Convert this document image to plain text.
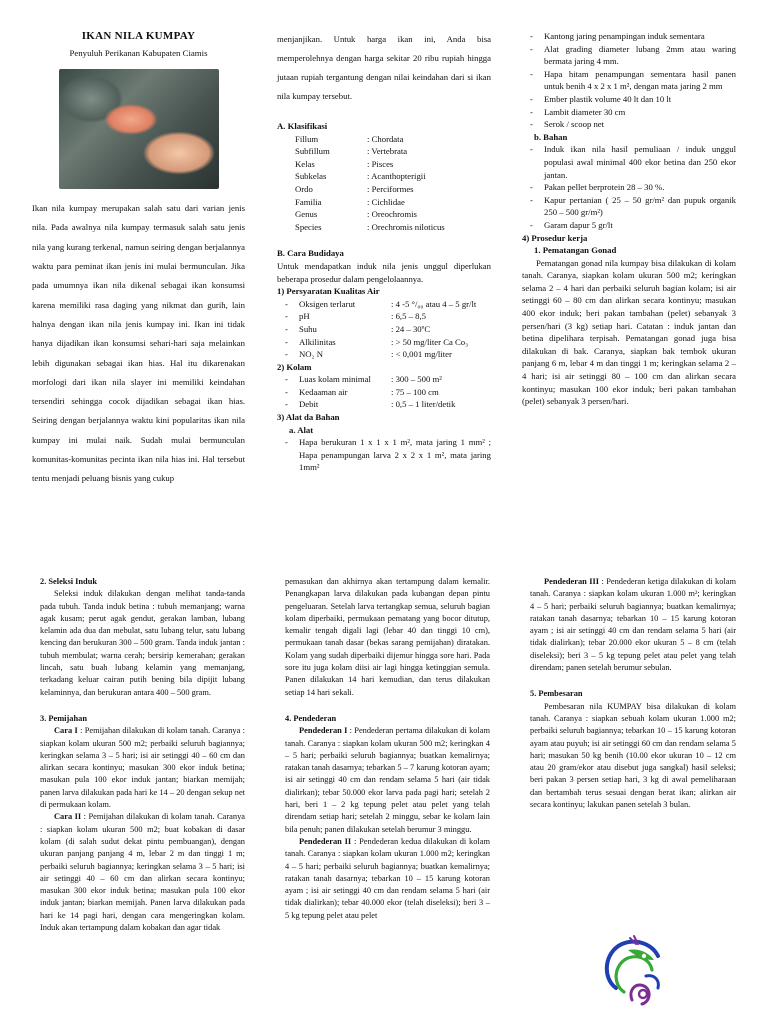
IKAN NILA KUMPAY
Penyuluh Perikanan Kabupaten Ciamis

Ikan nila kumpay merupakan salah satu dari varian jenis nila. Pada awalnya nila kumpay termasuk salah satu jenis nila yang kurang terkenal, namun seiring dengan berjalannya waktu para peminat ikan jenis ini mulai bermunculan. Jika pada umumnya ikan nila dikenal sebagai ikan konsumsi karena memiliki rasa daging yang nikmat dan gurih, lain halnya dengan ikan nila jenis kumpay ini. Ikan ini tidak hanya dijadikan ikan konsumsi sehari-hari saja melainkan lebih digunakan sebagai ikan hias. Hal itu dikarenakan morfologi dari ikan nila slayer ini memiliki keindahan tersendiri sehingga cocok dijadikan sebagai ikan hias. Seiring dengan berjalannya waktu kini popularitas ikan nila kumpay ini mulai naik. Sudah mulai bermunculan komunitas-komunitas pecinta ikan nila hias ini. Hal tersebut tentu menjadi peluang bisnis yang cukup

menjanjikan. Untuk harga ikan ini, Anda bisa memperolehnya dengan harga sekitar 20 ribu rupiah hingga jutaan rupiah tergantung dengan nilai keindahan dari si ikan nila kumpay tersebut.

A. Klasifikasi
Fillum	: Chordata
Subfillum	: Vertebrata
Kelas	: Pisces
Subkelas	: Acanthopterigii
Ordo	: Perciformes
Familia	: Cichlidae
Genus	: Oreochromis
Species	: Orechromis niloticus
B. Cara Budidaya

Untuk mendapatkan induk nila jenis unggul diperlukan beberapa prosedur dalam pengelolaannya.

1) Persyaratan Kualitas Air
- Oksigen terlarut	: 4 -5 °/₀₀ atau 4 – 5 gr/lt
- pH	: 6,5 – 8,5
- Suhu	: 24 – 30ºC
- Alkilinitas	: > 50 mg/liter Ca Co₃
- NO₂ N	: < 0,001 mg/liter
2) Kolam
- Luas kolam minimal	: 300 – 500 m²
- Kedaaman air	: 75 – 100 cm
- Debit	: 0,5 – 1 liter/detik
3) Alat da Bahan
a. Alat
- Hapa berukuran 1 x 1 x 1 m², mata jaring 1 mm² ; Hapa penampungan larva 2 x 2 x 1 m², mata jaring 1mm²
- Kantong jaring penampingan induk sementara
- Alat grading diameter lubang 2mm atau waring bermata jaring 4 mm.
- Hapa hitam penampungan sementara hasil panen untuk benih 4 x 2 x 1 m², dengan mata jaring 2 mm
- Ember plastik volume 40 lt dan 10 lt
- Lambit diameter 30 cm
- Serok / scoop net
b. Bahan
- Induk ikan nila hasil pemuliaan / induk unggul populasi awal minimal 400 ekor betina dan 250 ekor jantan.
- Pakan pellet berprotein 28 – 30 %.
- Kapur pertanian ( 25 – 50 gr/m² dan pupuk organik 250 – 500 gr/m²)
- Garam dapur 5 gr/lt
4) Prosedur kerja
1. Pematangan Gonad

Pematangan gonad nila kumpay bisa dilakukan di kolam tanah. Caranya, siapkan kolam ukuran 500 m2; keringkan selama 2 – 4 hari dan perbaiki seluruh bagian kolam; isi air setinggi 60 – 80 cm dan alirkan secara kontinyu; masukan 400 ekor induk; beri pakan tambahan (pelet) sebanyak 3 persen/hari (3 kg) setiap hari. Catatan : induk jantan dan betina dipelihara terpisah. Pematangan gonad juga bisa dilakukan di bak. Caranya, siapkan bak tembok ukuran panjang 6 m, lebar 4 m dan tinggi 1 m; keringkan selama 2 – 4 hari; isi air setinggi 80 – 100 cm dan alirkan secara kontinyu; masukan 100 ekor induk; beri pakan tambahan (pelet) sebanyak 3 persen/hari.

2. Seleksi Induk

Seleksi induk dilakukan dengan melihat tanda-tanda pada tubuh. Tanda induk betina : tubuh memanjang; warna agak kusam; perut agak gendut, gerakan lamban, lubang kelamin ada dua dan mebulat, satu lubang telur, satu lubang kencing dan berukuran 300 – 500 gram. Tanda induk jantan : tubuh membulat; warna cerah; bersirip kemerahan; gerakan lincah, satu buah lubang kelamin yang memanjang, terkadang keluar cairan putih bening bila dipijit lubang kelaminnya, dan berukuran antara 400 – 500 gram.

3. Pemijahan

Cara I : Pemijahan dilakukan di kolam tanah. Caranya : siapkan kolam ukuran 500 m2; perbaiki seluruh bagiannya; keringkan selama 3 – 5 hari; isi air setinggi 40 – 60 cm dan alirkan secara kontinyu; masukan 300 ekor induk betina; masukan pula 100 ekor induk jantan; biarkan memijah; panen larva dilakukan pada hari ke 14 – 20 dengan sekup net di permukaan kolam.

Cara II : Pemijahan dilakukan di kolam tanah. Caranya : siapkan kolam ukuran 500 m2; buat kobakan di dasar kolam (di salah sudut dekat pintu pembuangan), dengan ukuran panjang panjang 4 m, lebar 2 m dan tinggi 1 m; perbaiki seluruh bagiannya; keringkan selama 3 – 5 hari; isi air setinggi 40 – 60 cm dan alirkan secara kontinyu; masukan 300 ekor induk betina; masukan pula 100 ekor induk jantan; biarkan memijah. Panen larva dilakukan pada hari ke 14 pagi hari, dengan cara mengeringkan kolam. Induk akan tertampung dalam kobakan dan agar tidak

pemasukan dan akhirnya akan tertampung dalam kemalir. Penangkapan larva dilakukan pada kubangan depan pintu pengeluaran. Setelah larva tertangkap semua, seluruh bagian kolam diperbaiki, permukaan pematang yang bocor ditutup, kemalir tengah digali lagi (lebar 40 dan tinggi 10 cm), permukaan tanah dasar (bekas sarang pemijahan) diratakan. Kolam yang sudah diperbaiki dijemur hingga sore hari. Pada sore itu juga kolam diisi air lagi hingga ketinggian semula. Panen dilakukan 14 hari kemudian, dan terus dilakukan setiap 14 hari sekali.

4. Pendederan

Pendederan I : Pendederan pertama dilakukan di kolam tanah. Caranya : siapkan kolam ukuran 500 m2; keringkan 4 – 5 hari; perbaiki seluruh bagiannya; buatkan kemalirnya; ratakan tanah dasarnya; tebarkan 5 – 7 karung kotoran ayam; isi air setinggi 40 cm dan rendam selama 5 hari (air tidak dialirkan); tebar 50.000 ekor larva pada pagi hari; setelah 2 hari, beri 1 – 2 kg tepung pelet atau pelet yang telah direndam setiap hari; setelah 2 minggu, sebar ke kolam lain bila penuh; panen dilakukan setelah berumur 3 minggu.

Pendederan II : Pendederan kedua dilakukan di kolam tanah. Caranya : siapkan kolam ukuran 1.000 m2; keringkan 4 – 5 hari; perbaiki seluruh bagiannya; buatkan kemalirnya; ratakan tanah dasarnya; tebarkan 10 – 15 karung kotoran ayam ; isi air setinggi 40 cm dan rendam selama 5 hari (air tidak dialirkan); tebar 40.000 ekor (telah diseleksi); beri 3 – 5 kg tepung pelet atau pelet

Pendederan III : Pendederan ketiga dilakukan di kolam tanah. Caranya : siapkan kolam ukuran 1.000 m²; keringkan 4 – 5 hari; perbaiki seluruh bagiannya; buatkan kemalirnya; ratakan tanah dasarnya; tebarkan 10 – 15 karung kotoran ayam ; isi air setinggi 40 cm dan rendam selama 5 hari (air tidak dialirkan); tebar 20.000 ekor ukuran 5 – 8 cm (telah diseleksi); beri 3 – 5 kg tepung pelet atau pelet yang telah direndam; panen setelah berumur sebulan.

5. Pembesaran

Pembesaran nila KUMPAY bisa dilakukan di kolam tanah. Caranya : siapkan sebuah kolam ukuran 1.000 m2; perbaiki seluruh bagiannya; tebarkan 10 – 15 karung kotoran ayam atau puyuh; isi air setinggi 60 cm dan rendam selama 5 hari; masukan 50 kg benih (10.00 ekor ukuran 10 – 12 cm atau 20 gram/ekor atau disebut juga sangkal) hasil seleksi; beri pakan 3 persen setiap hari, 3 kg di awal pemeliharaan dan bertambah terus sesuai dengan berat ikan; alirkan air secara kontinyu; lakukan panen setelah 3 bulan.
